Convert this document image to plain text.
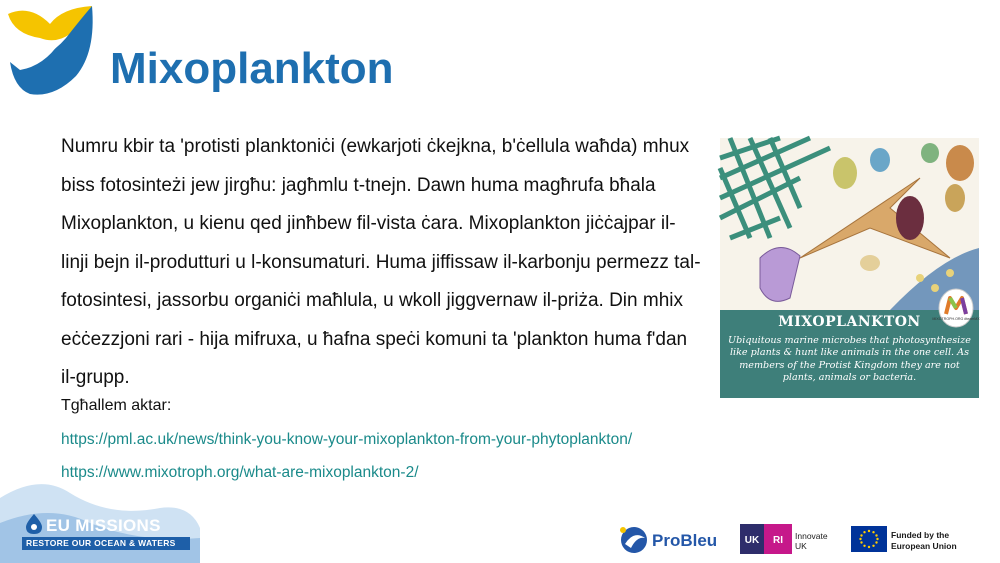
Mixoplankton

Numru kbir ta 'protisti planktoniċi (ewkarjoti ċkejkna, b'ċellula waħda) mhux biss fotosinteżi jew jirgħu: jagħmlu t-tnejn. Dawn huma magħrufa bħala Mixoplankton, u kienu qed jinħbew fil-vista ċara. Mixoplankton jiċċajpar il-linji bejn il-produtturi u l-konsumaturi. Huma jiffissaw il-karbonju permezz tal-fotosintesi, jassorbu organiċi maħlula, u wkoll jiggvernaw il-priża. Din mhix eċċezzjoni rari - hija mifruxa, u ħafna speċi komuni ta 'plankton huma f'dan il-grupp.

Tgħallem aktar:
https://pml.ac.uk/news/think-you-know-your-mixoplankton-from-your-phytoplankton/
https://www.mixotroph.org/what-are-mixoplankton-2/
MIXOPLANKTON
Ubiquitous marine microbes that photosynthesize like plants & hunt like animals in the one cell. As members of the Protist Kingdom they are not plants, animals or bacteria.
MIXOTROPH.ORG #teamMX
EU MISSIONS
RESTORE OUR OCEAN & WATERS	ProBleu	UK RI Innovate UK
Funded by the European Union
